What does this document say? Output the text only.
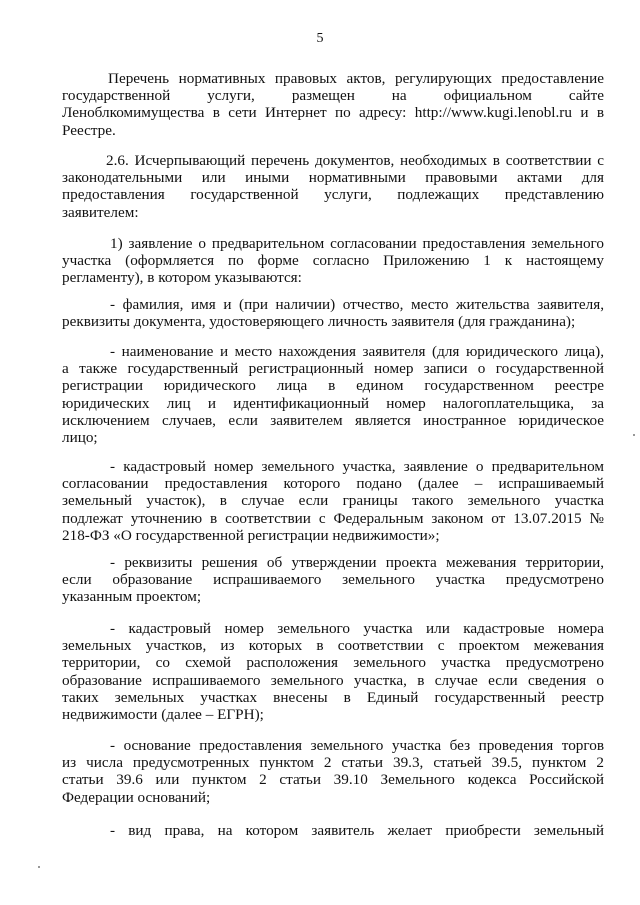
5
Перечень нормативных правовых актов, регулирующих предоставление
государственной услуги, размещен на официальном сайте
Леноблкомимущества в сети Интернет по адресу: http://www.kugi.lenobl.ru и в
Реестре.
2.6. Исчерпывающий перечень документов, необходимых в соответствии с
законодательными или иными нормативными правовыми актами для
предоставления государственной услуги, подлежащих представлению
заявителем:
1) заявление о предварительном согласовании предоставления земельного
участка (оформляется по форме согласно Приложению 1 к настоящему
регламенту), в котором указываются:
- фамилия, имя и (при наличии) отчество, место жительства заявителя,
реквизиты документа, удостоверяющего личность заявителя (для гражданина);
- наименование и место нахождения заявителя (для юридического лица),
а также государственный регистрационный номер записи о государственной
регистрации юридического лица в едином государственном реестре
юридических лиц и идентификационный номер налогоплательщика, за
исключением случаев, если заявителем является иностранное юридическое
лицо;
- кадастровый номер земельного участка, заявление о предварительном
согласовании предоставления которого подано (далее – испрашиваемый
земельный участок), в случае если границы такого земельного участка
подлежат уточнению в соответствии с Федеральным законом от 13.07.2015 №
218-ФЗ «О государственной регистрации недвижимости»;
- реквизиты решения об утверждении проекта межевания территории,
если образование испрашиваемого земельного участка предусмотрено
указанным проектом;
- кадастровый номер земельного участка или кадастровые номера
земельных участков, из которых в соответствии с проектом межевания
территории, со схемой расположения земельного участка предусмотрено
образование испрашиваемого земельного участка, в случае если сведения о
таких земельных участках внесены в Единый государственный реестр
недвижимости (далее – ЕГРН);
- основание предоставления земельного участка без проведения торгов
из числа предусмотренных пунктом 2 статьи 39.3, статьей 39.5, пунктом 2
статьи 39.6 или пунктом 2 статьи 39.10 Земельного кодекса Российской
Федерации оснований;
- вид права, на котором заявитель желает приобрести земельный
